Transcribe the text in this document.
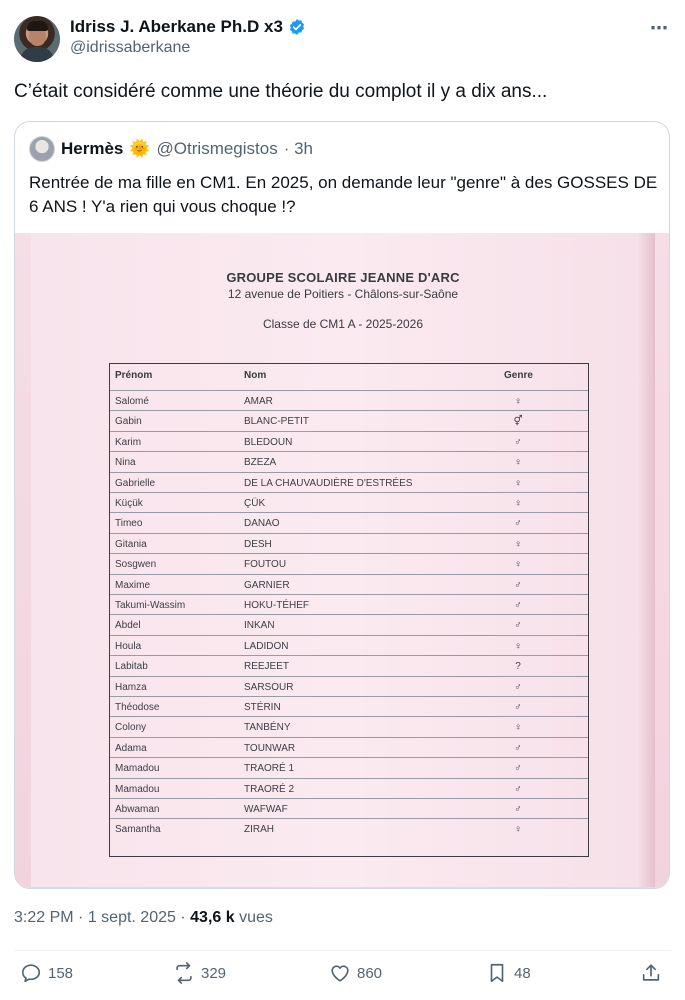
Idriss J. Aberkane Ph.D x3
@idrissaberkane
⋯
C’était considéré comme une théorie du complot il y a dix ans...
Hermès 🌞 @Otrismegistos · 3h
Rentrée de ma fille en CM1. En 2025, on demande leur "genre" à des GOSSES DE 6 ANS ! Y'a rien qui vous choque !?
GROUPE SCOLAIRE JEANNE D'ARC
12 avenue de Poitiers - Châlons-sur-Saône
Classe de CM1 A - 2025-2026
Prénom	Nom	Genre
Salomé	AMAR	♀
Gabin	BLANC-PETIT	⚥
Karim	BLEDOUN	♂
Nina	BZEZA	♀
Gabrielle	DE LA CHAUVAUDIÈRE D'ESTRÉES	♀
Küçük	ÇÜK	♀
Timeo	DANAO	♂
Gitania	DESH	♀
Sosgwen	FOUTOU	♀
Maxime	GARNIER	♂
Takumi-Wassim	HOKU-TÉHEF	♂
Abdel	INKAN	♂
Houla	LADIDON	♀
Labitab	REEJEET	?
Hamza	SARSOUR	♂
Théodose	STÉRIN	♂
Colony	TANBÉNY	♀
Adama	TOUNWAR	♂
Mamadou	TRAORÉ 1	♂
Mamadou	TRAORÉ 2	♂
Abwaman	WAFWAF	♂
Samantha	ZIRAH	♀
3:22 PM · 1 sept. 2025 · 43,6 k vues
158	329	860	48
